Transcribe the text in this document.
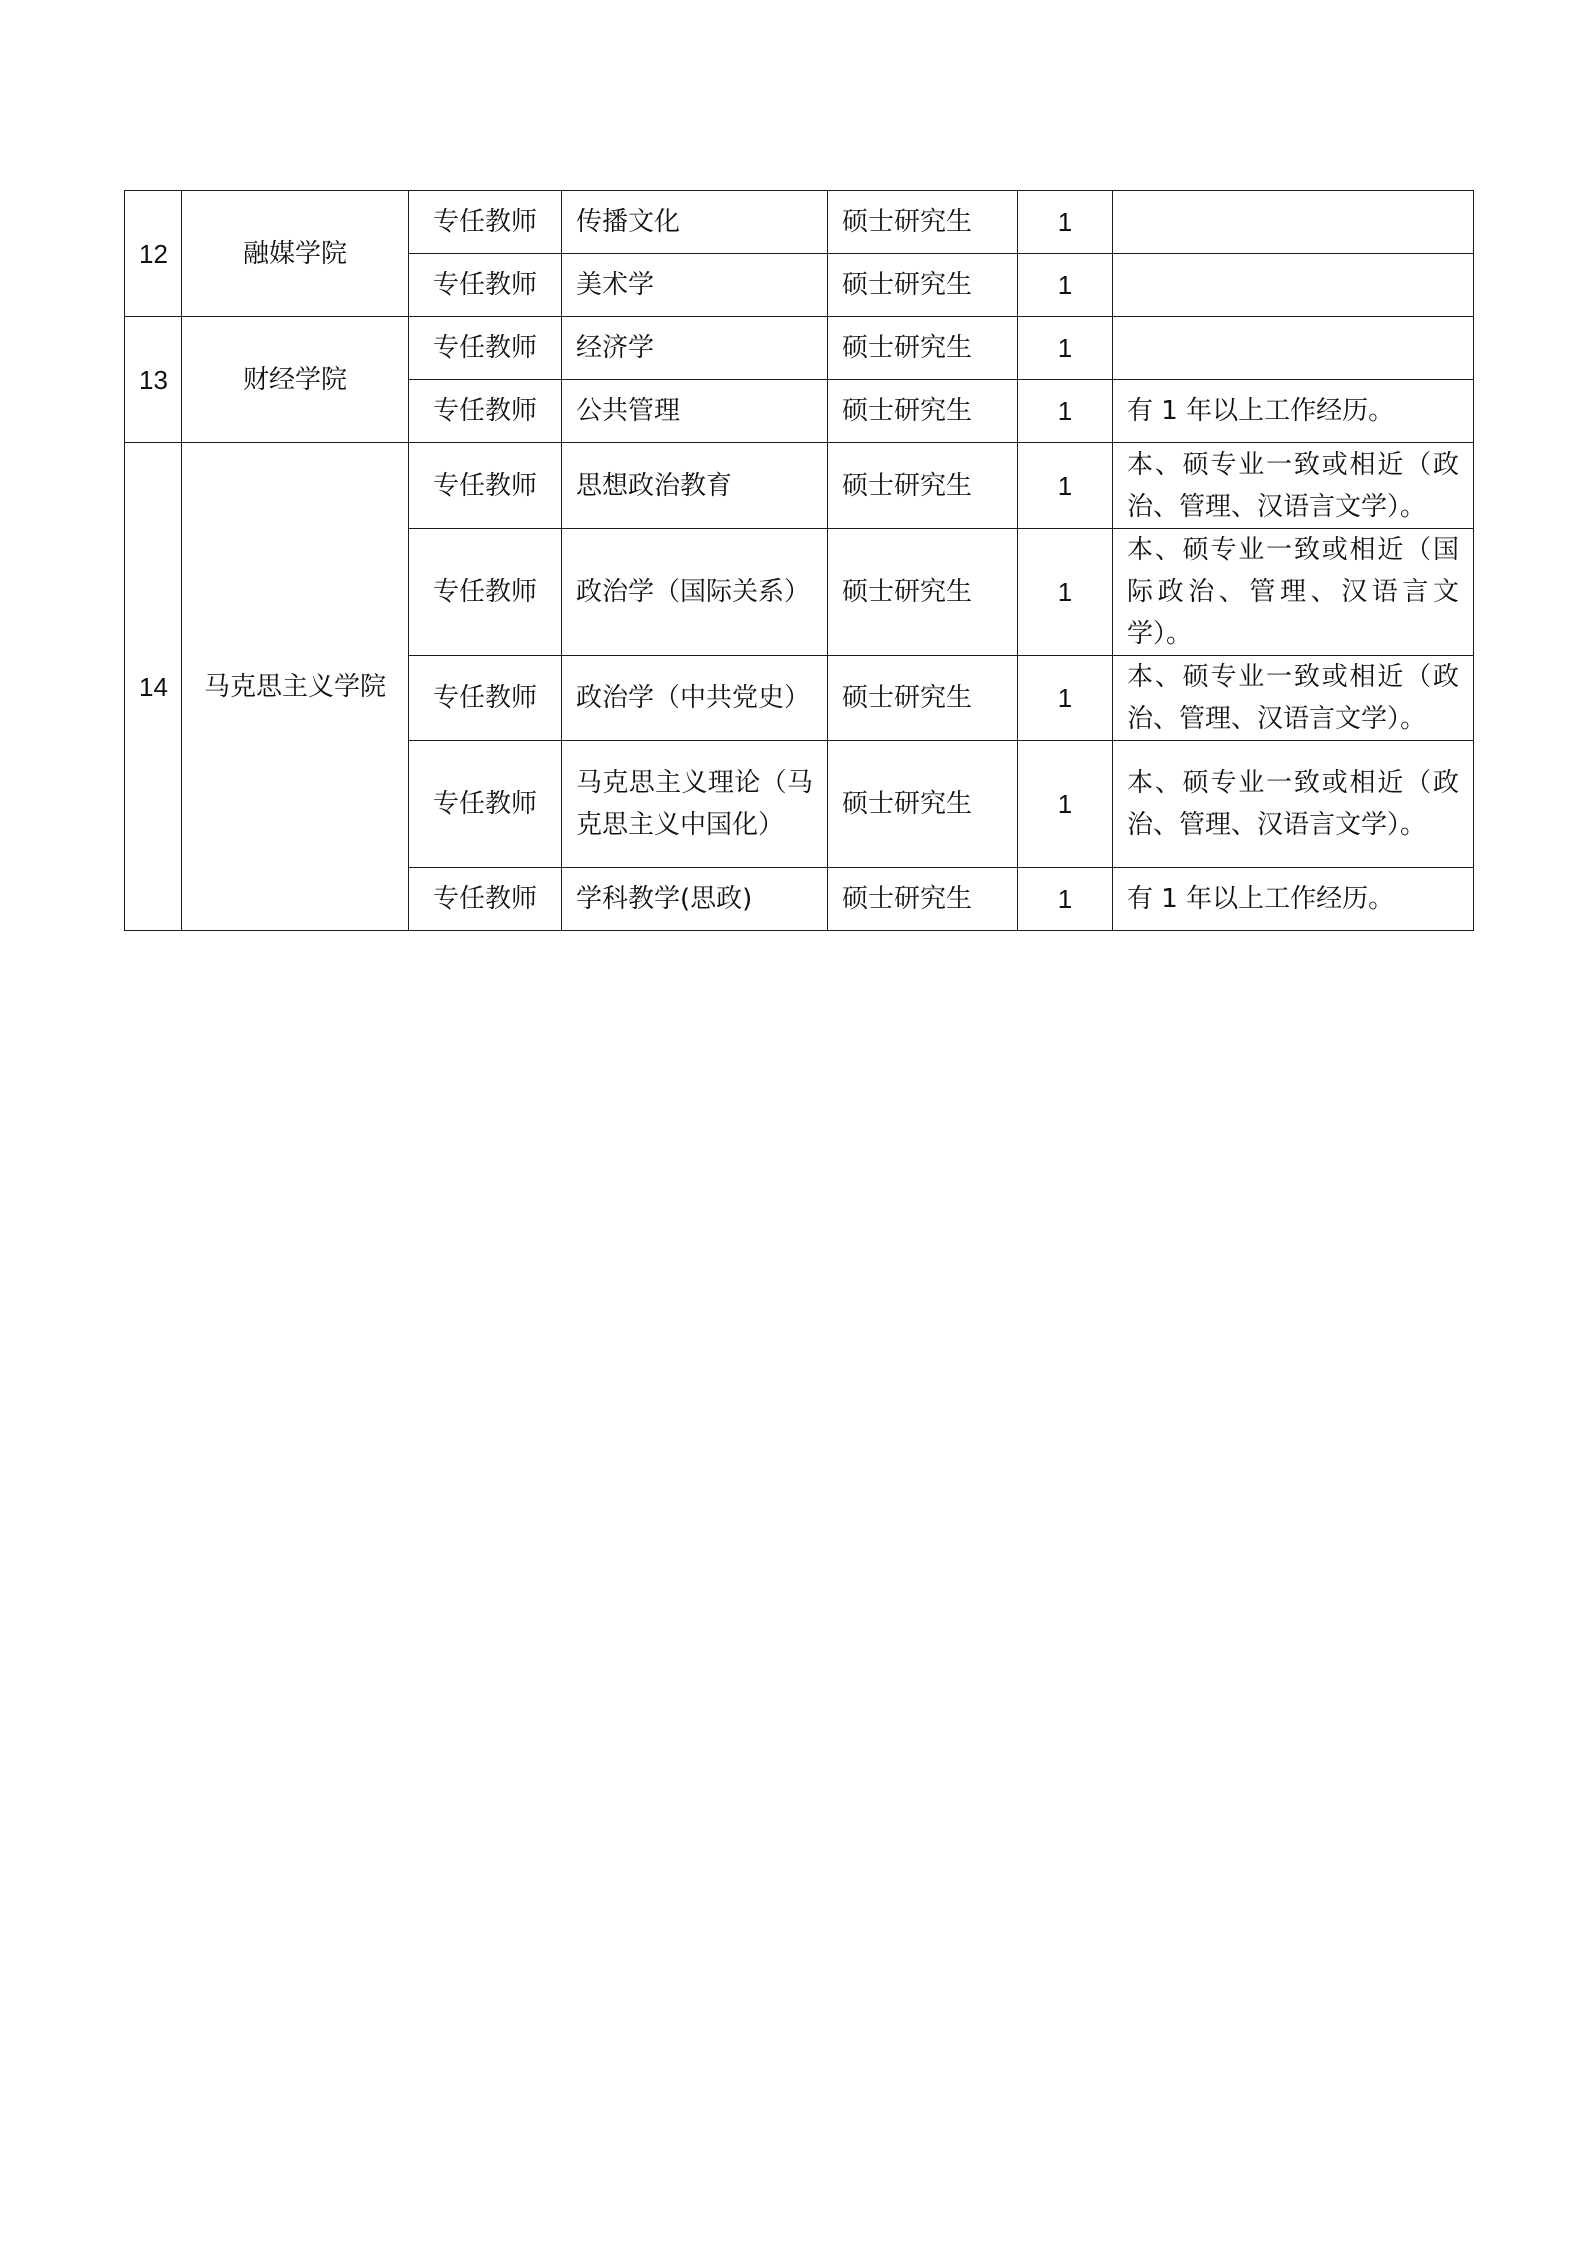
12	融媒学院	专任教师	传播文化	硕士研究生	1	
		专任教师	美术学	硕士研究生	1	
13	财经学院	专任教师	经济学	硕士研究生	1	
		专任教师	公共管理	硕士研究生	1	有 1 年以上工作经历。
14	马克思主义学院	专任教师	思想政治教育	硕士研究生	1	本、硕专业一致或相近（政治、管理、汉语言文学）。
		专任教师	政治学（国际关系）	硕士研究生	1	本、硕专业一致或相近（国际政治、管理、汉语言文学）。
		专任教师	政治学（中共党史）	硕士研究生	1	本、硕专业一致或相近（政治、管理、汉语言文学）。
		专任教师	马克思主义理论（马克思主义中国化）	硕士研究生	1	本、硕专业一致或相近（政治、管理、汉语言文学）。
		专任教师	学科教学(思政)	硕士研究生	1	有 1 年以上工作经历。
